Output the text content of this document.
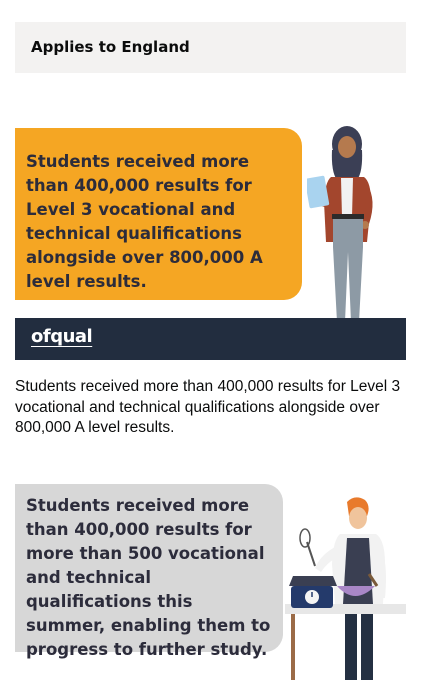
Applies to England

Students received more than 400,000 results for Level 3 vocational and technical qualifications alongside over 800,000 A level results.

ofqual

Students received more than 400,000 results for Level 3 vocational and technical qualifications alongside over 800,000 A level results.

Students received more than 400,000 results for more than 500 vocational and technical qualifications this summer, enabling them to progress to further study.
